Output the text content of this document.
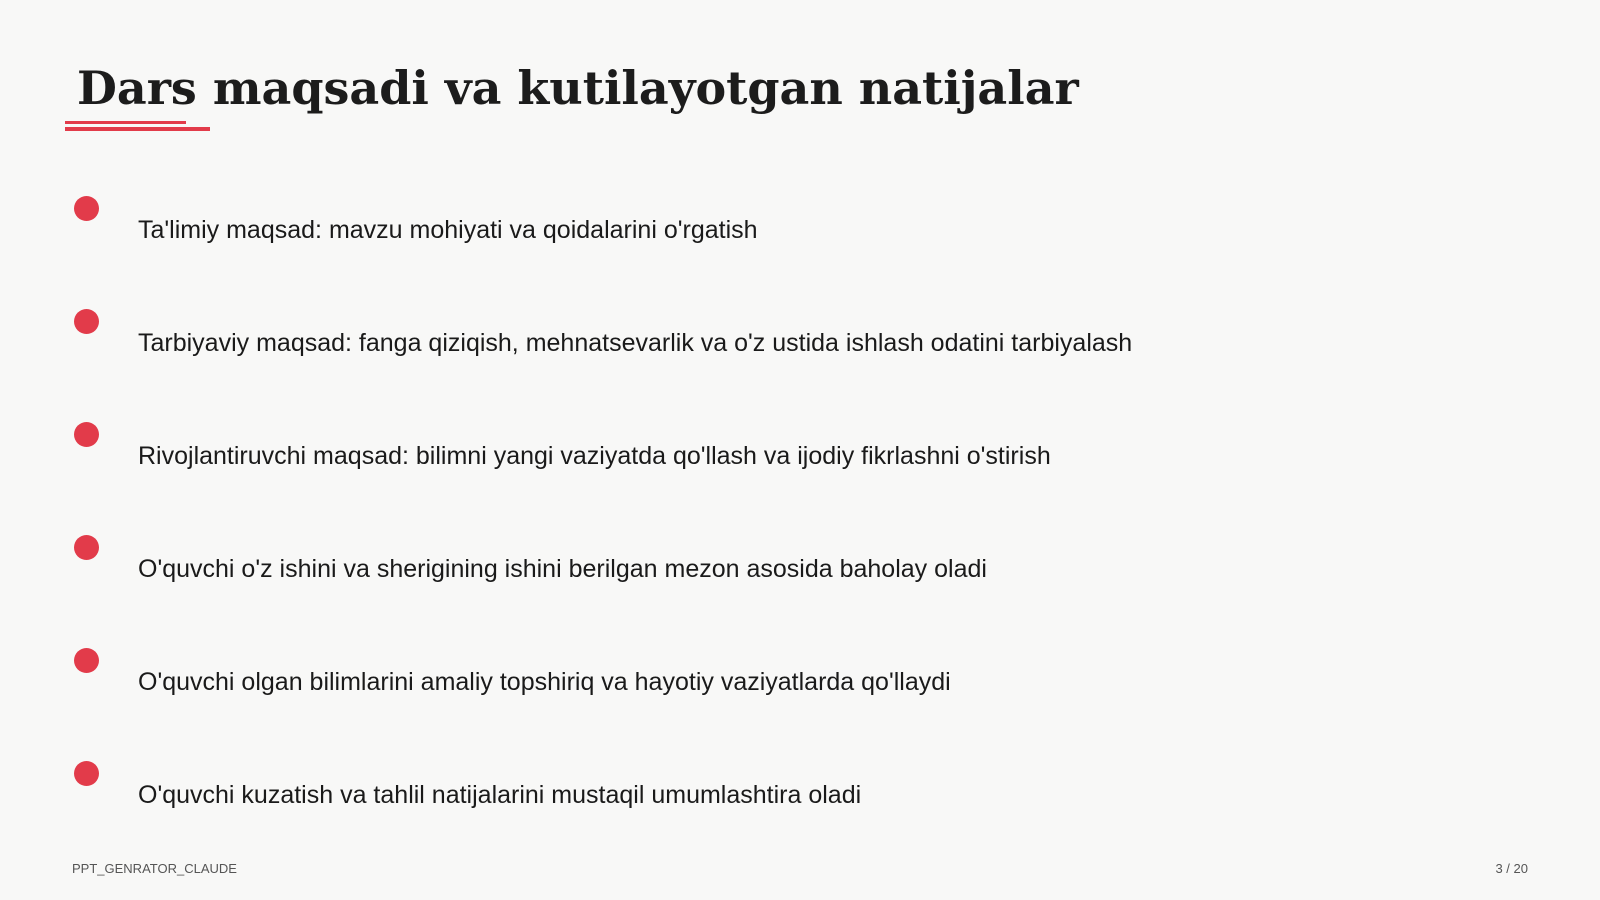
Dars maqsadi va kutilayotgan natijalar
Ta'limiy maqsad: mavzu mohiyati va qoidalarini o'rgatish
Tarbiyaviy maqsad: fanga qiziqish, mehnatsevarlik va o'z ustida ishlash odatini tarbiyalash
Rivojlantiruvchi maqsad: bilimni yangi vaziyatda qo'llash va ijodiy fikrlashni o'stirish
O'quvchi o'z ishini va sherigining ishini berilgan mezon asosida baholay oladi
O'quvchi olgan bilimlarini amaliy topshiriq va hayotiy vaziyatlarda qo'llaydi
O'quvchi kuzatish va tahlil natijalarini mustaqil umumlashtira oladi
PPT_GENRATOR_CLAUDE	3 / 20
